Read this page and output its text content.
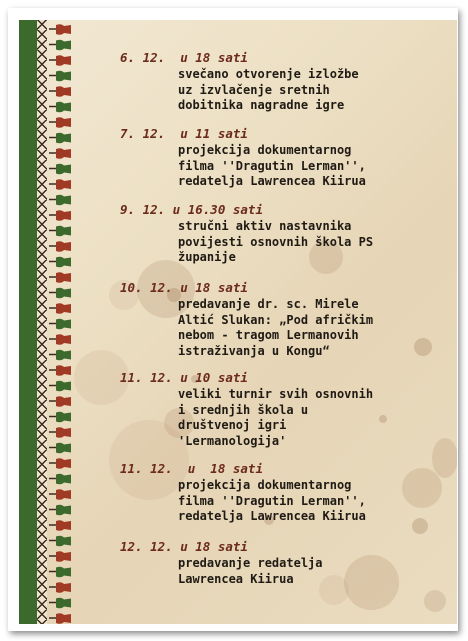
6. 12.  u 18 sati
svečano otvorenje izložbe
uz izvlačenje sretnih
dobitnika nagradne igre
7. 12.  u 11 sati
projekcija dokumentarnog
filma ''Dragutin Lerman'',
redatelja Lawrencea Kiirua
9. 12. u 16.30 sati
stručni aktiv nastavnika
povijesti osnovnih škola PS
županije
10. 12. u 18 sati
predavanje dr. sc. Mirele
Altić Slukan: „Pod afričkim
nebom - tragom Lermanovih
istraživanja u Kongu“
11. 12. u 10 sati
veliki turnir svih osnovnih
i srednjih škola u
društvenoj igri
'Lermanologija'
11. 12.  u  18 sati
projekcija dokumentarnog
filma ''Dragutin Lerman'',
redatelja Lawrencea Kiirua
12. 12. u 18 sati
predavanje redatelja
Lawrencea Kiirua
